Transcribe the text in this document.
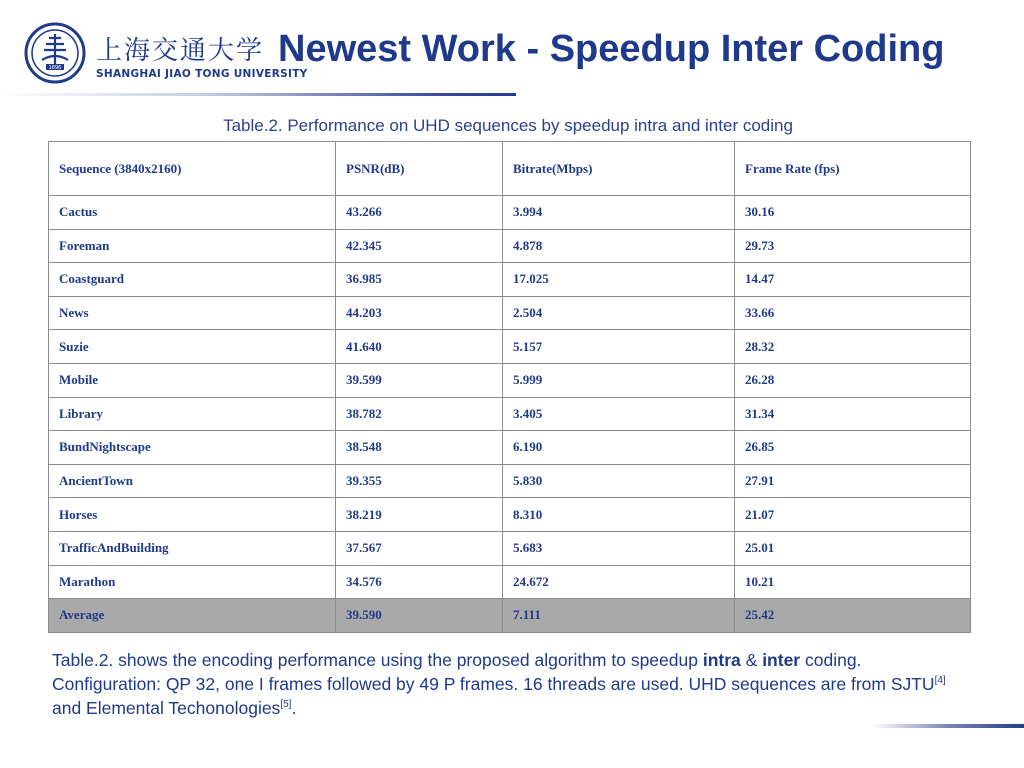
1896
上海交通大学
SHANGHAI JIAO TONG UNIVERSITY
Newest Work - Speedup Inter Coding
Table.2. Performance on UHD sequences by speedup intra and inter coding
Sequence (3840x2160)	PSNR(dB)	Bitrate(Mbps)	Frame Rate (fps)
Cactus	43.266	3.994	30.16
Foreman	42.345	4.878	29.73
Coastguard	36.985	17.025	14.47
News	44.203	2.504	33.66
Suzie	41.640	5.157	28.32
Mobile	39.599	5.999	26.28
Library	38.782	3.405	31.34
BundNightscape	38.548	6.190	26.85
AncientTown	39.355	5.830	27.91
Horses	38.219	8.310	21.07
TrafficAndBuilding	37.567	5.683	25.01
Marathon	34.576	24.672	10.21
Average	39.590	7.111	25.42
Table.2. shows the encoding performance using the proposed algorithm to speedup intra & inter coding.
Configuration: QP 32, one I frames followed by 49 P frames. 16 threads are used. UHD sequences are from SJTU[4] and Elemental Techonologies[5].
